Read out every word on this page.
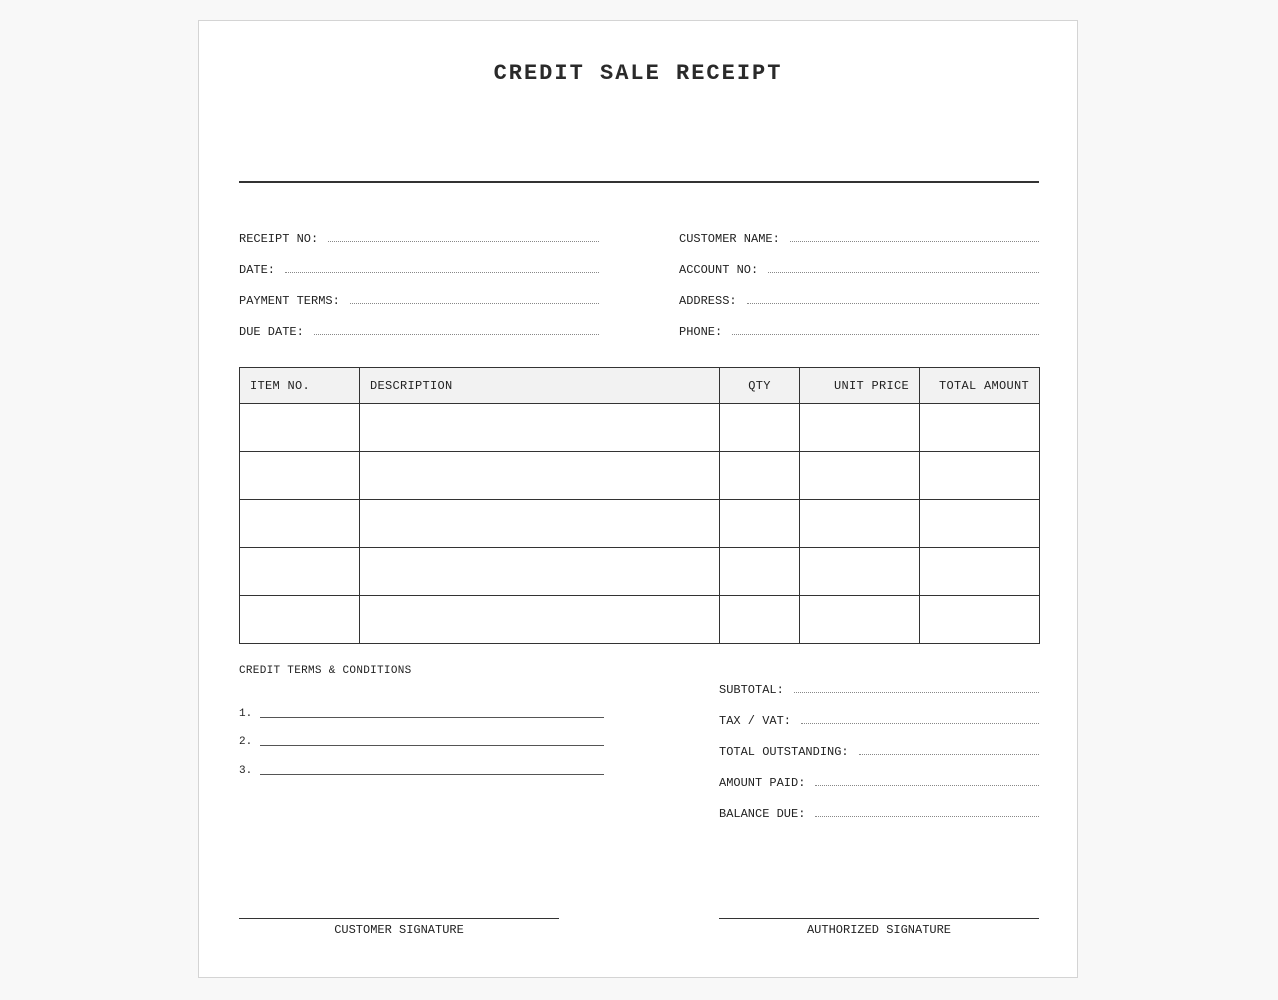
CREDIT SALE RECEIPT
RECEIPT NO:
DATE:
PAYMENT TERMS:
DUE DATE:
CUSTOMER NAME:
ACCOUNT NO:
ADDRESS:
PHONE:
ITEM NO.	DESCRIPTION	QTY	UNIT PRICE	TOTAL AMOUNT

CREDIT TERMS & CONDITIONS
1.
2.
3.
SUBTOTAL:
TAX / VAT:
TOTAL OUTSTANDING:
AMOUNT PAID:
BALANCE DUE:
CUSTOMER SIGNATURE	AUTHORIZED SIGNATURE
